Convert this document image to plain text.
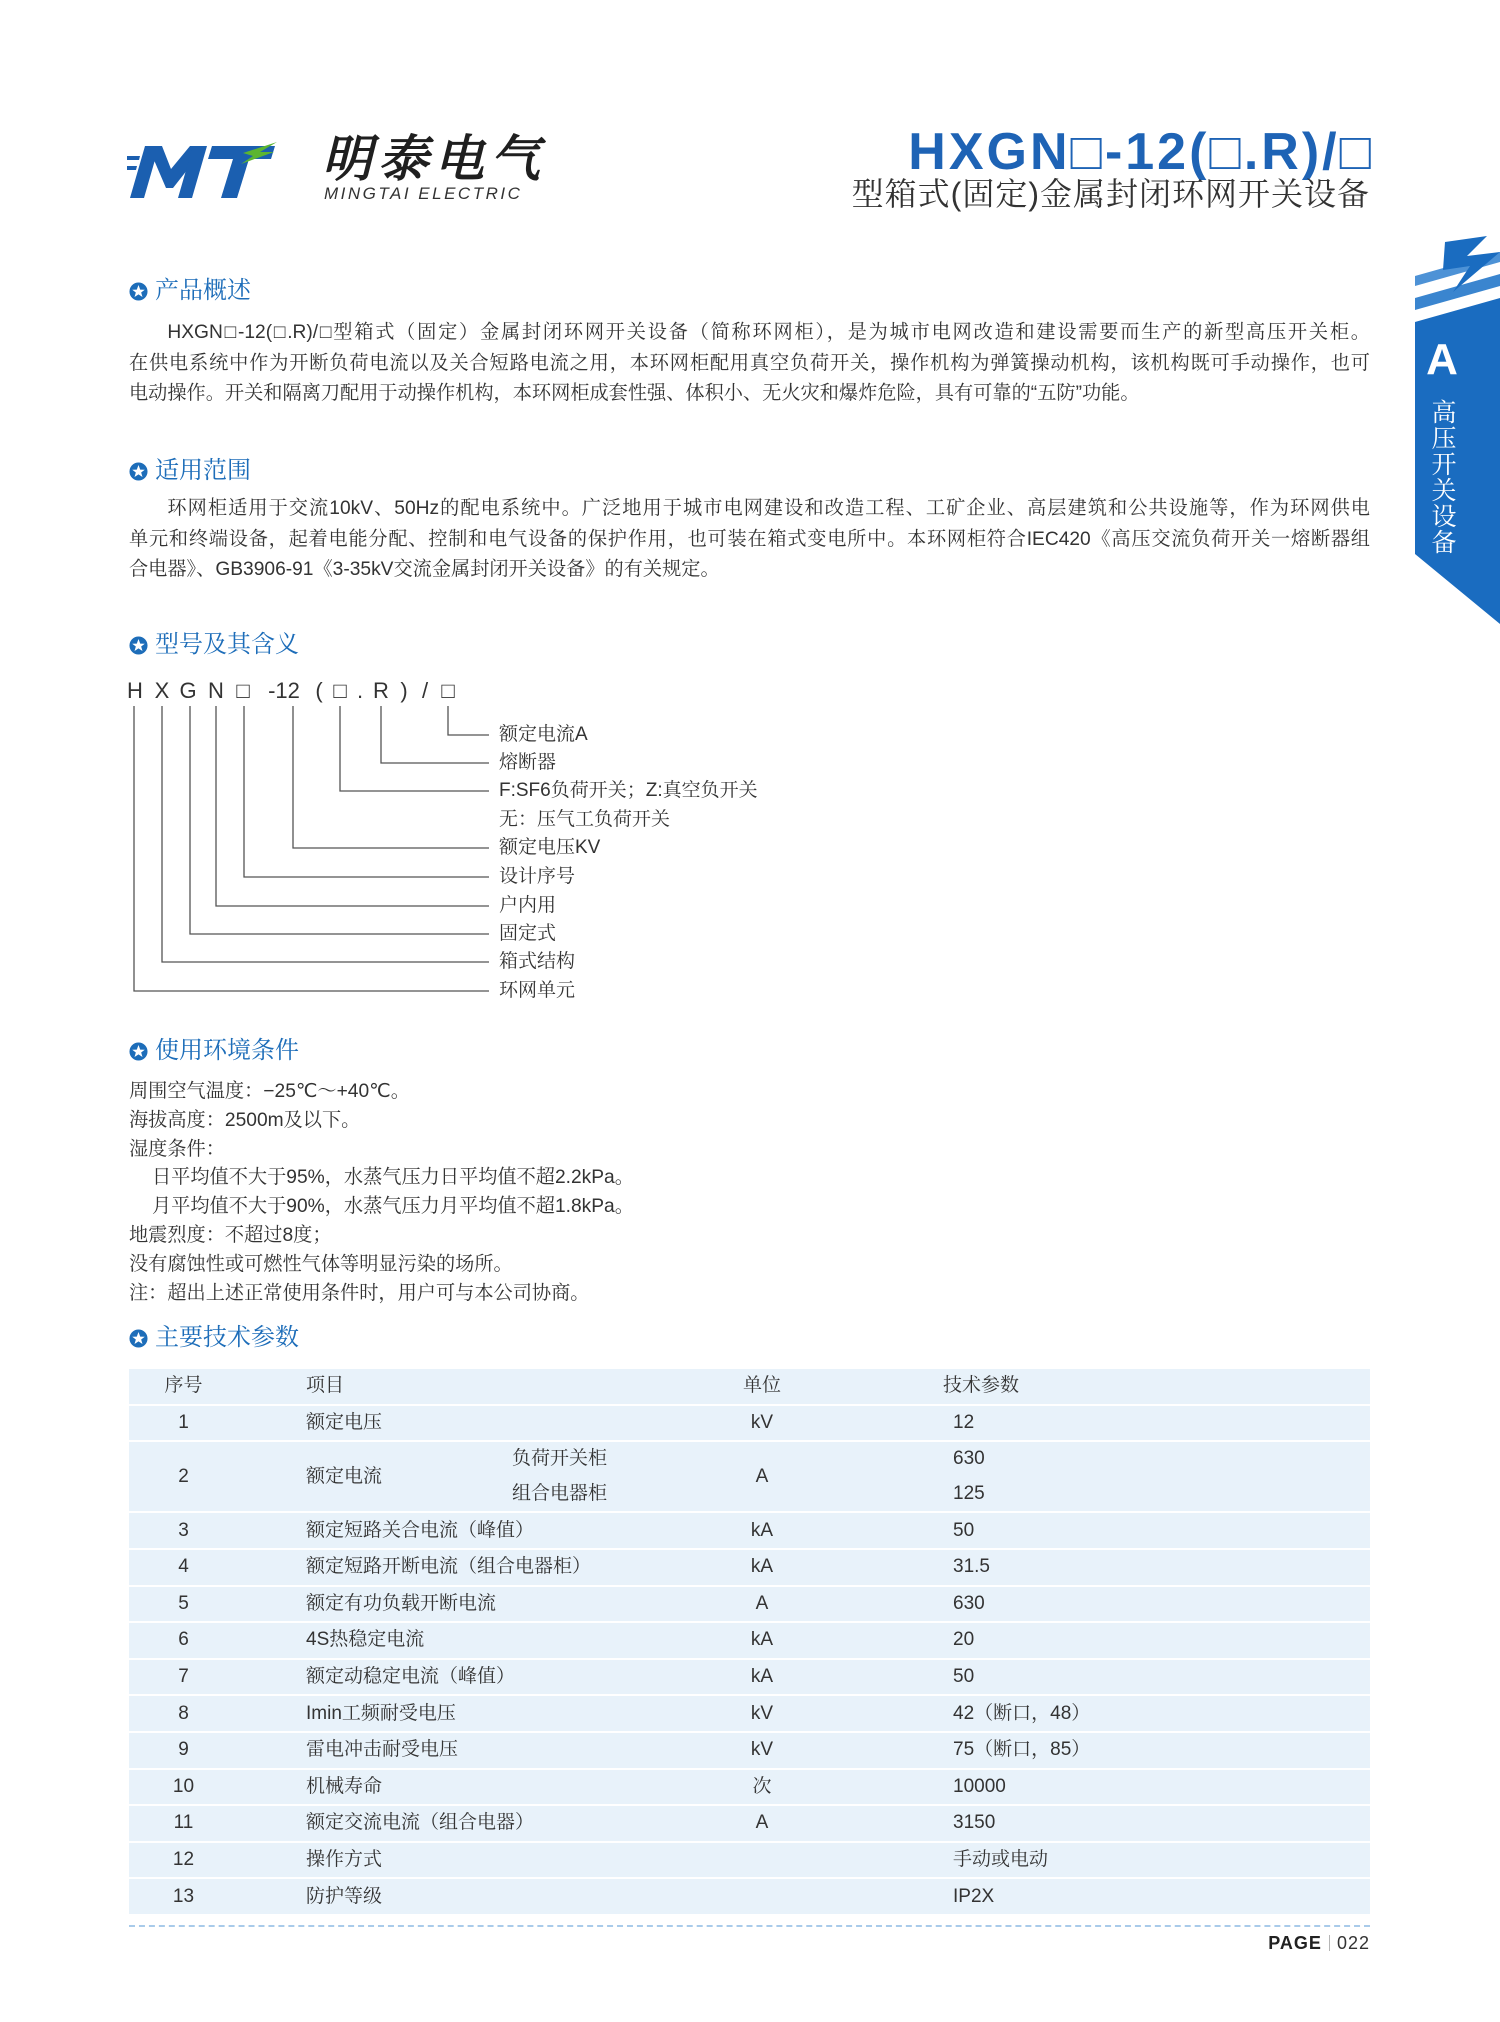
明泰电气
MINGTAI ELECTRIC
HXGN□-12(□.R)/□
型箱式(固定)金属封闭环网开关设备
A
高压开关设备
产品概述
HXGN□-12(□.R)/□型箱式（固定）金属封闭环网开关设备（简称环网柜），是为城市电网改造和建设需要而生产的新型高压开关柜。
在供电系统中作为开断负荷电流以及关合短路电流之用，本环网柜配用真空负荷开关，操作机构为弹簧操动机构，该机构既可手动操作，也可
电动操作。开关和隔离刀配用于动操作机构，本环网柜成套性强、体积小、无火灾和爆炸危险，具有可靠的“五防”功能。
适用范围
环网柜适用于交流10kV、50Hz的配电系统中。广泛地用于城市电网建设和改造工程、工矿企业、高层建筑和公共设施等，作为环网供电
单元和终端设备，起着电能分配、控制和电气设备的保护作用，也可装在箱式变电所中。本环网柜符合IEC420《高压交流负荷开关一熔断器组
合电器》、GB3906-91《3-35kV交流金属封闭开关设备》的有关规定。
型号及其含义
H X G N □ -12 ( □ . R ) / □
额定电流A
熔断器
F:SF6负荷开关；Z:真空负开关
无：压气工负荷开关
额定电压KV
设计序号
户内用
固定式
箱式结构
环网单元
使用环境条件
周围空气温度：−25℃～+40℃。
海拔高度：2500m及以下。
湿度条件：
日平均值不大于95%，水蒸气压力日平均值不超2.2kPa。
月平均值不大于90%，水蒸气压力月平均值不超1.8kPa。
地震烈度：不超过8度；
没有腐蚀性或可燃性气体等明显污染的场所。
注：超出上述正常使用条件时，用户可与本公司协商。
主要技术参数
序号	项目		单位	技术参数
1	额定电压		kV	12
2	额定电流	负荷开关柜	A	630
		组合电器柜		125
3	额定短路关合电流（峰值）		kA	50
4	额定短路开断电流（组合电器柜）		kA	31.5
5	额定有功负载开断电流		A	630
6	4S热稳定电流		kA	20
7	额定动稳定电流（峰值）		kA	50
8	Imin工频耐受电压		kV	42（断口，48）
9	雷电冲击耐受电压		kV	75（断口，85）
10	机械寿命		次	10000
11	额定交流电流（组合电器）		A	3150
12	操作方式			手动或电动
13	防护等级			IP2X
PAGE 022
